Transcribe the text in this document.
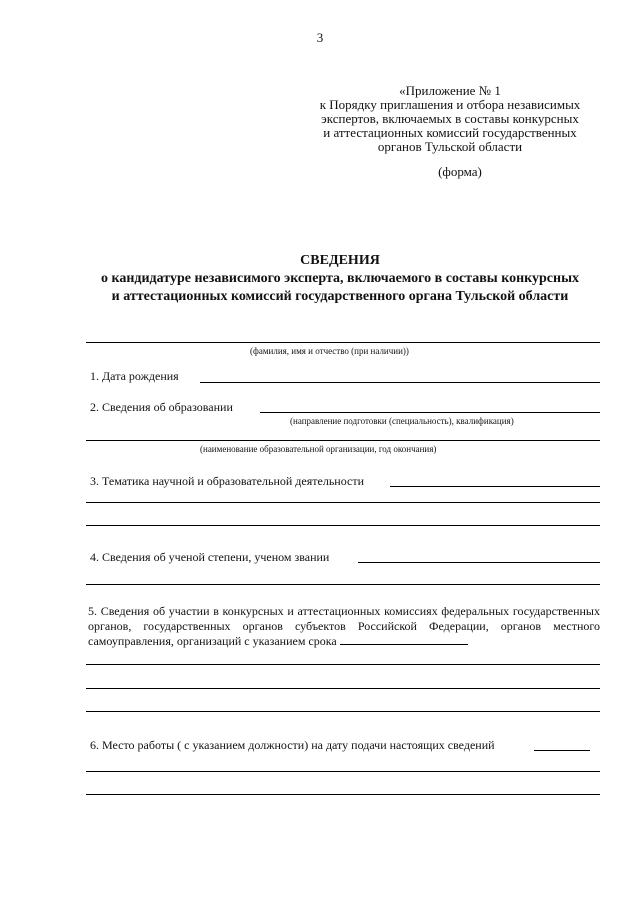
3
«Приложение № 1
к Порядку приглашения и отбора независимых
экспертов, включаемых в составы конкурсных
и аттестационных комиссий государственных
органов Тульской области
(форма)
СВЕДЕНИЯ
о кандидатуре независимого эксперта, включаемого в составы конкурсных
и аттестационных комиссий государственного органа Тульской области
(фамилия, имя и отчество (при наличии))
1. Дата рождения
2. Сведения об образовании
(направление подготовки (специальность), квалификация)
(наименование образовательной организации, год окончания)
3. Тематика научной и образовательной деятельности
4. Сведения об ученой степени, ученом звании
5. Сведения об участии в конкурсных и аттестационных комиссиях федеральных государственных органов, государственных органов субъектов Российской Федерации, органов местного самоуправления, организаций с указанием срока
6. Место работы ( с указанием должности) на дату подачи настоящих сведений
